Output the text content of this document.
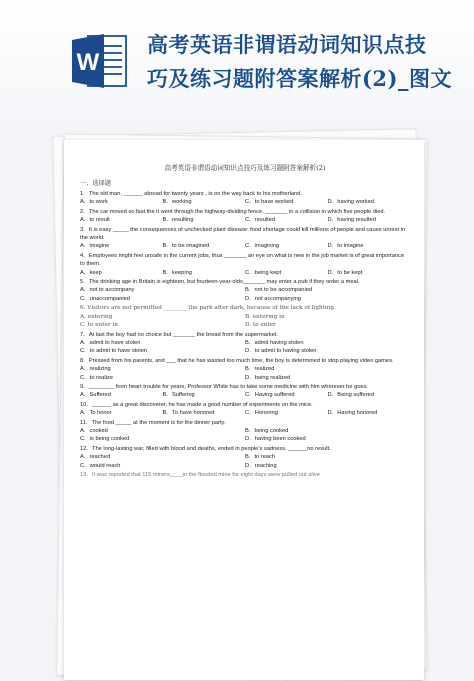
W
高考英语非谓语动词知识点技
巧及练习题附答案解析(2)_图文
高考英语非谓语动词知识点技巧及练习题附答案解析(2)
一、选择题

1．The old man, ______ abroad for twenty years , is on the way back to his motherland.

A．to work	B．working	C．to have worked	D．having worked.

2．The car moved so fast the it went through the highway-dividing fence, _______ in a collision in which five people died.

A．to result	B．resulting	C．resulted	D．having resulted

3．It is easy _____ the consequences of unchecked plant disease: food shortage could kill millions of people and cause unrest in the world.

A．imagine	B．to be imagined	C．imagining	D．to imagine

4．Employees might feel unsafe in the current jobs, thus _______ an eye on what is new in the job market is of great importance to them.

A．keep	B．keeping	C．being kept	D．to be kept

5．The drinking age in Britain is eighteen, but fourteen-year-olds_______ may enter a pub if they order a meal.

A．not to accompany	B．not to be accompanied
C．unaccompanied	D．not accompanying

6. Visitors are not permitted ________ the park after dark, because of the lack of lighting.

A. entering	B. entering in
C. to enter in	D. to enter

7．At last the boy had no choice but _______ the bread from the supermarket.

A．admit to have stolen	B．admit having stolen
C．to admit to have stolen	D．to admit to having stolen

8．Pressed from his parents, and ___ that he has wasted too much time, the boy is determined to stop playing video games.

A．realizing	B．realized
C．to realize	D．being realized

9．________ from heart trouble for years, Professor White has to take some medicine with him wherever he goes.

A．Suffered	B．Suffering	C．Having suffered	D．Being suffered

10．______ as a great discoverer, he has made a good number of experiments on the mice.

A．To honor	B．To have honored	C．Honoring	D．Having honored

11．The food _____ at the moment is for the dinner party.

A．cooked	B．being cooked
C．is being cooked	D．having been cooked

12．The long-lasting war, filled with blood and deaths, ended in people’s sadness. ______no result.

A．reached	B．to reach
C．would reach	D．reaching

13．It was reported that 115 miners____in the flooded mine for eight days were pulled out alive
